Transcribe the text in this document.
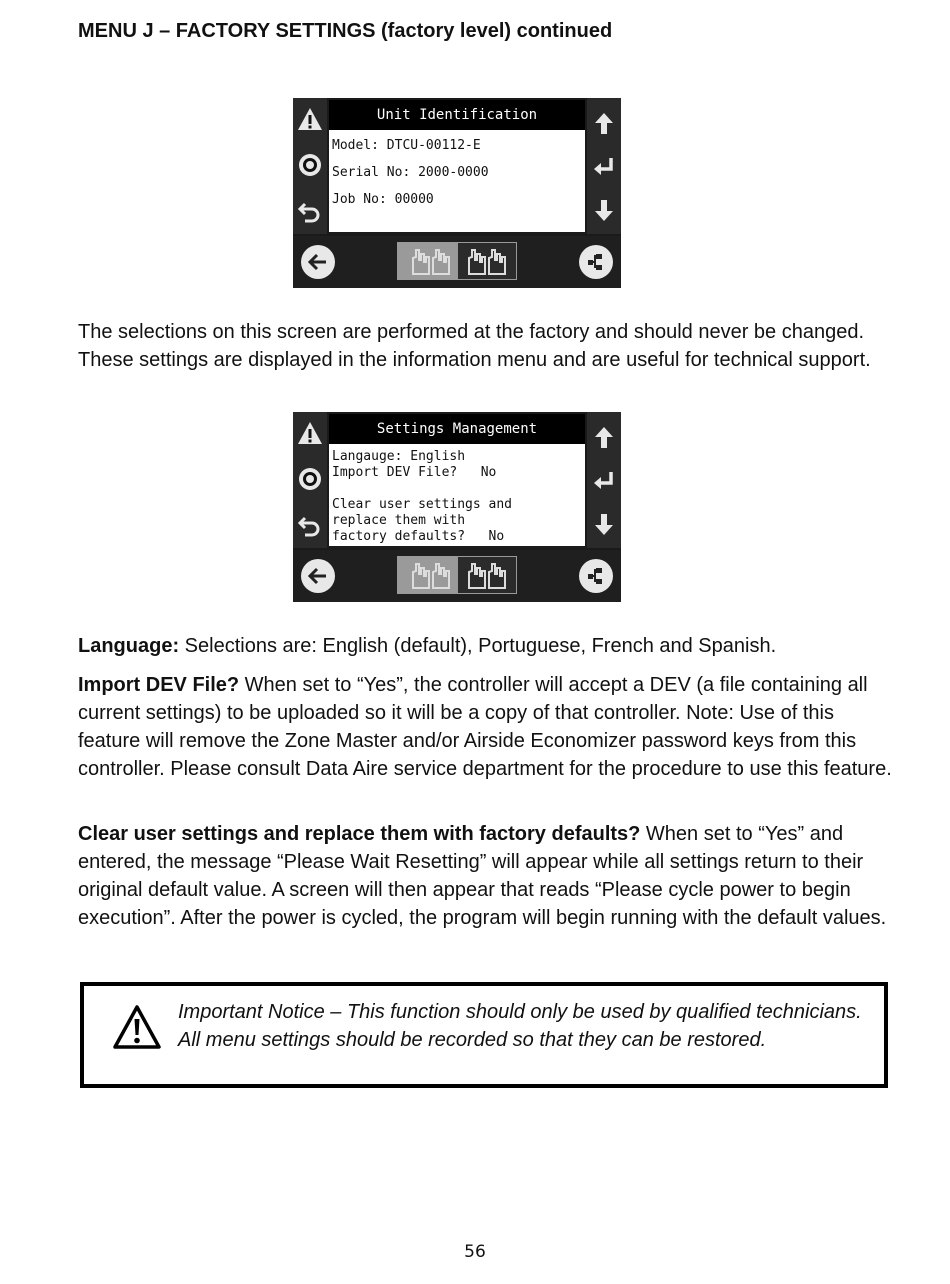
MENU J – FACTORY SETTINGS (factory level) continued
Unit Identification
Model: DTCU-00112-E
Serial No: 2000-0000
Job No: 00000
The selections on this screen are performed at the factory and should never be changed. These settings are displayed in the information menu and are useful for technical support.
Settings Management
Langauge: English
Import DEV File?   No
Clear user settings and
replace them with
factory defaults?   No
Language: Selections are: English (default), Portuguese, French and Spanish.
Import DEV File? When set to “Yes”, the controller will accept a DEV (a file containing all current settings) to be uploaded so it will be a copy of that controller. Note: Use of this feature will remove the Zone Master and/or Airside Economizer password keys from this controller. Please consult Data Aire service department for the procedure to use this feature.
Clear user settings and replace them with factory defaults? When set to “Yes” and entered, the message “Please Wait Resetting” will appear while all settings return to their original default value. A screen will then appear that reads “Please cycle power to begin execution”. After the power is cycled, the program will begin running with the default values.
Important Notice – This function should only be used by qualified technicians. All menu settings should be recorded so that they can be restored.
56
